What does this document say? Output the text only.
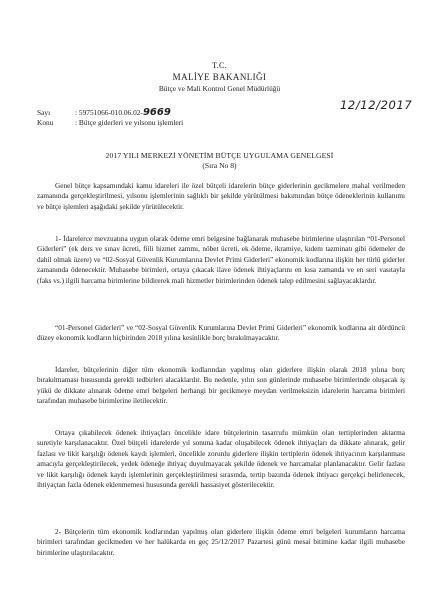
T.C.
MALİYE BAKANLIĞI
Bütçe ve Mali Kontrol Genel Müdürlüğü
Sayı	: 59751066-010.06.02-9669
12/12/2017
Konu	: Bütçe giderleri ve yılsonu işlemleri
2017 YILI MERKEZİ YÖNETİM BÜTÇE UYGULAMA GENELGESİ
(Sıra No 8)

Genel bütçe kapsamındaki kamu idareleri ile özel bütçeli idarelerin bütçe giderlerinin gecikmelere mahal verilmeden zamanında gerçekleştirilmesi, yılsonu işlemlerinin sağlıklı bir şekilde yürütülmesi bakımından bütçe ödeneklerinin kullanımı ve bütçe işlemleri aşağıdaki şekilde yürütülecektir.

1- İdarelerce mevzuatına uygun olarak ödeme emri belgesine bağlanarak muhasebe birimlerine ulaştırılan “01-Personel Giderleri” (ek ders ve sınav ücreti, fiili hizmet zammı, nöbet ücreti, ek ödeme, ikramiye, kıdem tazminatı gibi ödemeler de dahil olmak üzere) ve “02-Sosyal Güvenlik Kurumlarına Devlet Primi Giderleri” ekonomik kodlarına ilişkin her türlü giderler zamanında ödenecektir. Muhasebe birimleri, ortaya çıkacak ilave ödenek ihtiyaçlarını en kısa zamanda ve en seri vasıtayla (faks vs.) ilgili harcama birimlerine bildirerek mali hizmetler birimlerinden ödenek talep edilmesini sağlayacaklardır.

“01-Personel Giderleri” ve “02-Sosyal Güvenlik Kurumlarına Devlet Primi Giderleri” ekonomik kodlarına ait dördüncü düzey ekonomik kodların hiçbirinden 2018 yılına kesinlikle borç bırakılmayacaktır.

İdareler, bütçelerinin diğer tüm ekonomik kodlarından yapılmış olan giderlere ilişkin olarak 2018 yılına borç bırakılmaması hususunda gerekli tedbirleri alacaklardır. Bu nedenle, yılın son günlerinde muhasebe birimlerinde oluşacak iş yükü de dikkate alınarak ödeme emri belgeleri herhangi bir gecikmeye meydan verilmeksizin idarelerin harcama birimleri tarafından muhasebe birimlerine iletilecektir.

Ortaya çıkabilecek ödenek ihtiyaçları öncelikle idare bütçelerinin tasarrufu mümkün olan tertiplerinden aktarma suretiyle karşılanacaktır. Özel bütçeli idarelerde yıl sonuna kadar oluşabilecek ödenek ihtiyaçları da dikkate alınarak, gelir fazlası ve likit karşılığı ödenek kaydı işlemleri, öncelikle zorunlu giderlere ilişkin tertiplerin ödenek ihtiyacının karşılanması amacıyla gerçekleştirilecek, yedek ödeneğe ihtiyaç duyulmayacak şekilde ödenek ve harcamalar planlanacaktır. Gelir fazlası ve likit karşılığı ödenek kaydı işlemlerinin gerçekleştirilmesi sırasında, tertip bazında ödenek ihtiyacı gerçekçi belirlenecek, ihtiyaçtan fazla ödenek eklenmemesi hususunda gerekli hassasiyet gösterilecektir.

2- Bütçelerin tüm ekonomik kodlarından yapılmış olan giderlere ilişkin ödeme emri belgeleri kurumların harcama birimleri tarafından gecikmeden ve her halükarda en geç 25/12/2017 Pazartesi günü mesai bitimine kadar ilgili muhasebe birimlerine ulaştırılacaktır.
